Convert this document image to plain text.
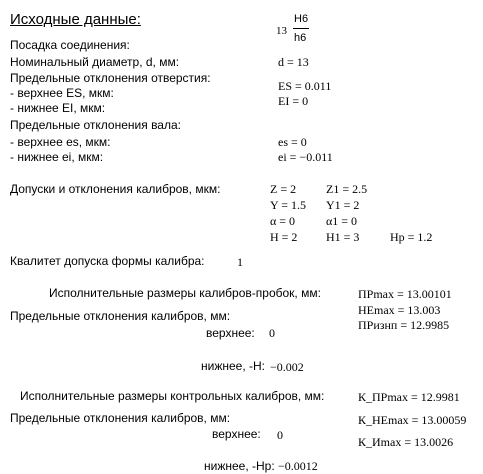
Исходные данные:
13
H6
h6
Посадка соединения:
Номинальный диаметр, d, мм:	d = 13
Предельные отклонения отверстия:
- верхнее ES, мкм:	ES = 0.011
- нижнее EI, мкм:	EI = 0
Предельные отклонения вала:
- верхнее es, мкм:	es = 0
- нижнее ei, мкм:	ei = −0.011
Допуски и отклонения калибров, мкм:	Z = 2 Z1 = 2.5
Y = 1.5 Y1 = 2
α = 0	α1 = 0
H = 2 H1 = 3	Hp = 1.2
Квалитет допуска формы калибра:	1
Исполнительные размеры калибров-пробок, мм:	ПРmax = 13.00101
НЕmax = 13.003
ПРизнп = 12.9985
Предельные отклонения калибров, мм:
верхнее: 0
нижнее, -Н: −0.002
Исполнительные размеры контрольных калибров, мм:	К_ПРmax = 12.9981
Предельные отклонения калибров, мм:	К_НЕmax = 13.00059
верхнее: 0	К_Иmax = 13.0026
нижнее, -Нр: −0.0012
